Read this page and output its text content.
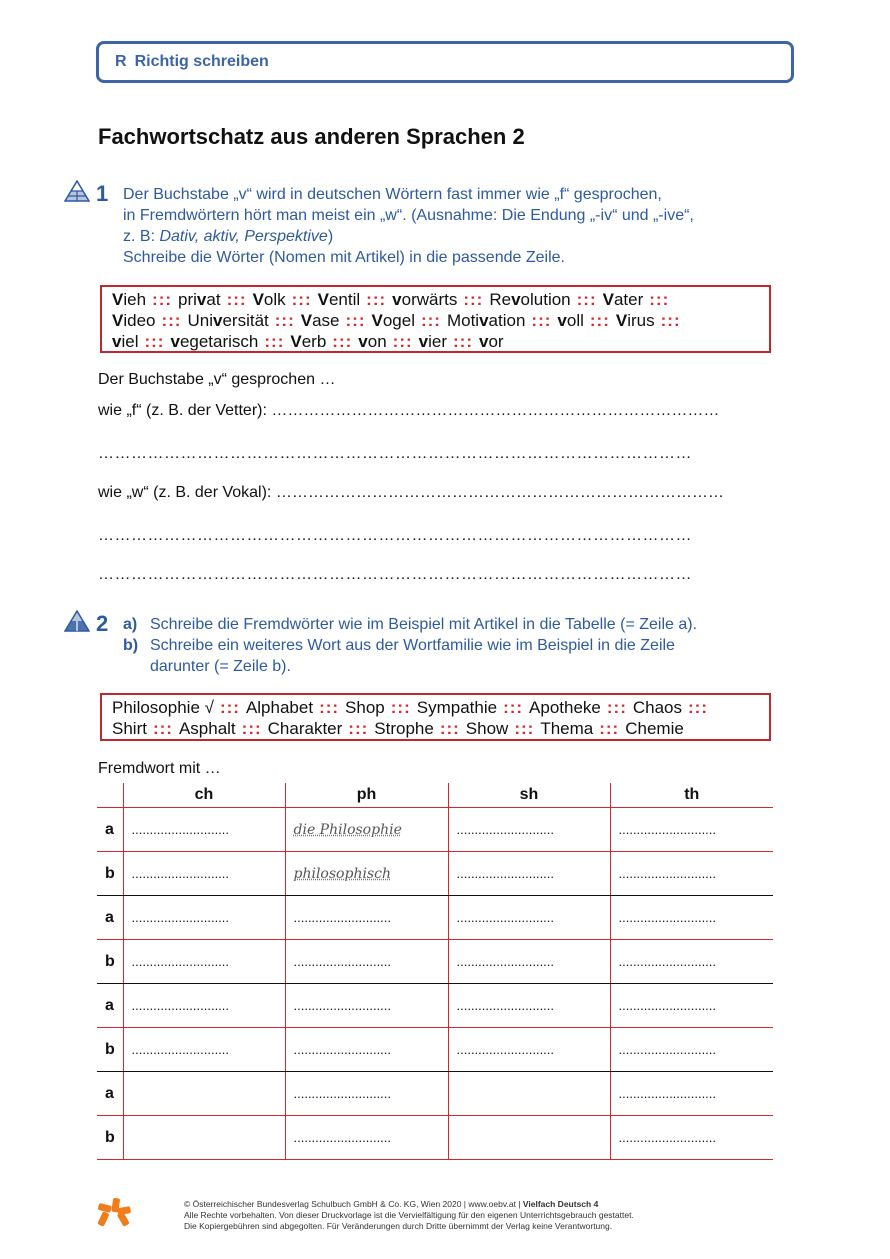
R Richtig schreiben
Fachwortschatz aus anderen Sprachen 2
1 Der Buchstabe „v“ wird in deutschen Wörtern fast immer wie „f“ gesprochen,
in Fremdwörtern hört man meist ein „w“. (Ausnahme: Die Endung „-iv“ und „-ive“,
z. B: Dativ, aktiv, Perspektive)
Schreibe die Wörter (Nomen mit Artikel) in die passende Zeile.
Vieh ::: privat ::: Volk ::: Ventil ::: vorwärts ::: Revolution ::: Vater :::
Video ::: Universität ::: Vase ::: Vogel ::: Motivation ::: voll ::: Virus :::
viel ::: vegetarisch ::: Verb ::: von ::: vier ::: vor
Der Buchstabe „v“ gesprochen …
wie „f“ (z. B. der Vetter): …………………………………………………………………………
………………………………………………………………………………………………
wie „w“ (z. B. der Vokal): …………………………………………………………………………
………………………………………………………………………………………………
………………………………………………………………………………………………
2 a) Schreibe die Fremdwörter wie im Beispiel mit Artikel in die Tabelle (= Zeile a).
b) Schreibe ein weiteres Wort aus der Wortfamilie wie im Beispiel in die Zeile
darunter (= Zeile b).
Philosophie √ ::: Alphabet ::: Shop ::: Sympathie ::: Apotheke ::: Chaos :::
Shirt ::: Asphalt ::: Charakter ::: Strophe ::: Show ::: Thema ::: Chemie
Fremdwort mit …
	ch	ph	sh	th
a	...........................	die Philosophie	...........................	...........................
b	...........................	philosophisch	...........................	...........................
a	...........................	...........................	...........................	...........................
b	...........................	...........................	...........................	...........................
a	...........................	...........................	...........................	...........................
b	...........................	...........................	...........................	...........................
a		...........................		...........................
b		...........................		...........................
© Österreichischer Bundesverlag Schulbuch GmbH & Co. KG, Wien 2020 | www.oebv.at | Vielfach Deutsch 4
Alle Rechte vorbehalten. Von dieser Druckvorlage ist die Vervielfältigung für den eigenen Unterrichtsgebrauch gestattet.
Die Kopiergebühren sind abgegolten. Für Veränderungen durch Dritte übernimmt der Verlag keine Verantwortung.
